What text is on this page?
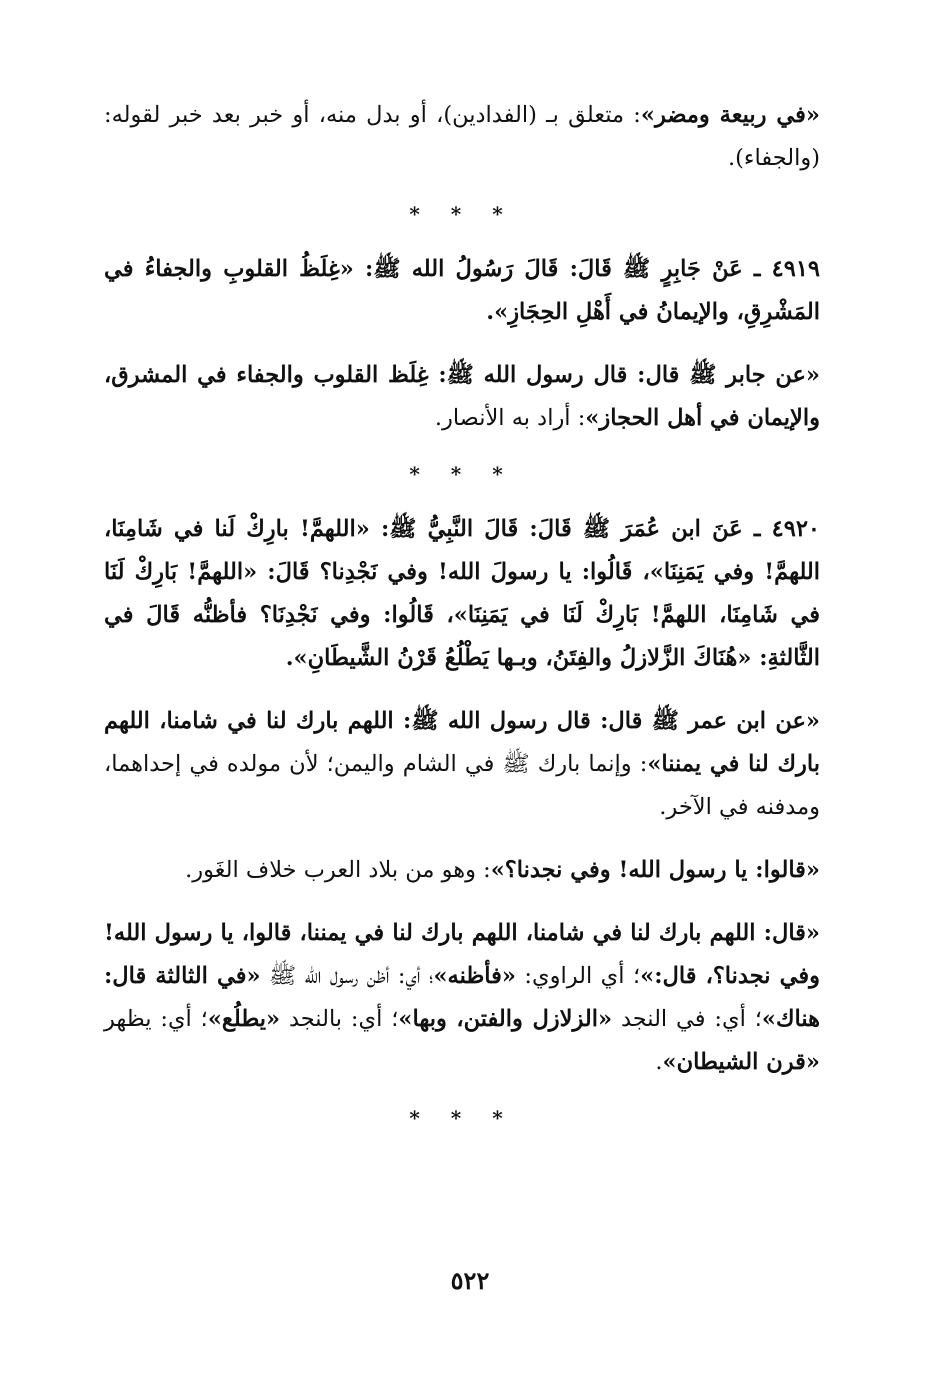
«في ربيعة ومضر»: متعلق بـ (الفدادين)، أو بدل منه، أو خبر بعد خبر لقوله: (والجفاء).
* * *
٤٩١٩ ـ عَنْ جَابِرٍ ﷺ قَالَ: قَالَ رَسُولُ الله ﷺ: «غِلَظُ القلوبِ والجفاءُ في المَشْرِقِ، والإيمانُ في أَهْلِ الحِجَازِ».
«عن جابر ﷺ قال: قال رسول الله ﷺ: غِلَظ القلوب والجفاء في المشرق، والإيمان في أهل الحجاز»: أراد به الأنصار.
* * *
٤٩٢٠ ـ عَنَ ابن عُمَرَ ﷺ قَالَ: قَالَ النَّبِيُّ ﷺ: «اللهمَّ! بارِكْ لَنا في شَامِنَا، اللهمَّ! وفي يَمَنِنَا»، قَالُوا: يا رسولَ الله! وفي نَجْدِنا؟ قَالَ: «اللهمَّ! بَارِكْ لَنَا في شَامِنَا، اللهمَّ! بَارِكْ لَنَا في يَمَنِنَا»، قَالُوا: وفي نَجْدِنَا؟ فأظنُّه قَالَ في الثَّالثةِ: «هُنَاكَ الزَّلازلُ والفِتَنُ، وبـها يَطْلُعُ قَرْنُ الشَّيطَانِ».
«عن ابن عمر ﷺ قال: قال رسول الله ﷺ: اللهم بارك لنا في شامنا، اللهم بارك لنا في يمننا»: وإنما بارك ﷺ في الشام واليمن؛ لأن مولده في إحداهما، ومدفنه في الآخر.
«قالوا: يا رسول الله! وفي نجدنا؟»: وهو من بلاد العرب خلاف الغَور.
«قال: اللهم بارك لنا في شامنا، اللهم بارك لنا في يمننا، قالوا، يا رسول الله! وفي نجدنا؟، قال:»؛ أي الراوي: «فأظنه»؛ أي: أظن رسول الله ﷺ «في الثالثة قال: هناك»؛ أي: في النجد «الزلازل والفتن، وبها»؛ أي: بالنجد «يطلُع»؛ أي: يظهر «قرن الشيطان».
* * *
٥٢٢
